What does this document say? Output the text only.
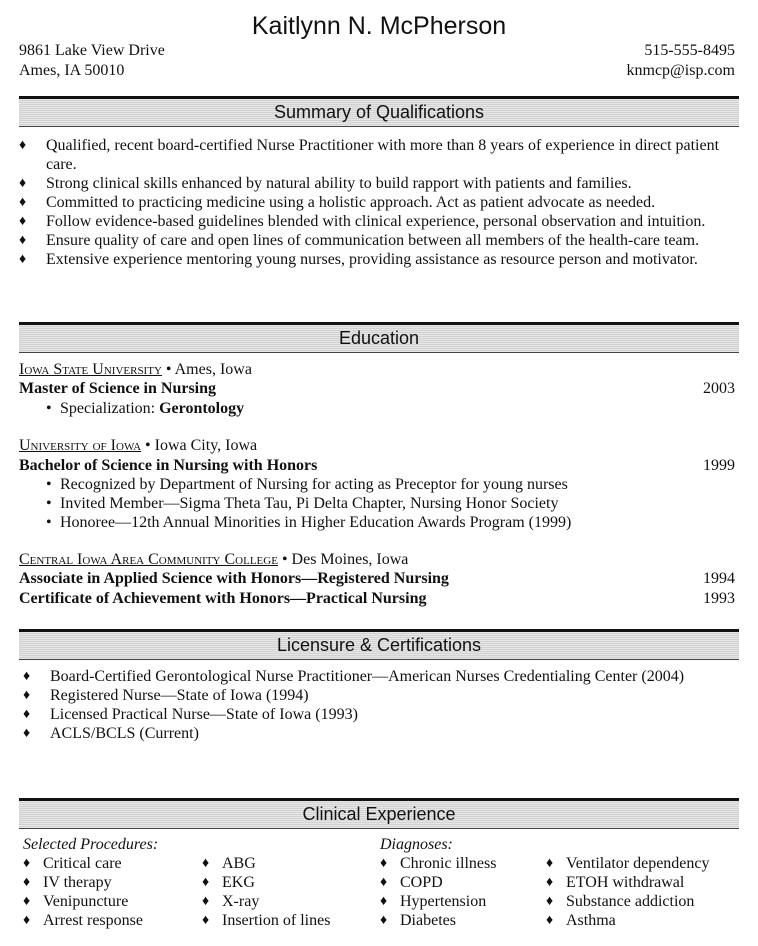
Kaitlynn N. McPherson
9861 Lake View Drive
Ames, IA 50010
515-555-8495
knmcp@isp.com
Summary of Qualifications
♦ Qualified, recent board-certified Nurse Practitioner with more than 8 years of experience in direct patient care.
♦ Strong clinical skills enhanced by natural ability to build rapport with patients and families.
♦ Committed to practicing medicine using a holistic approach. Act as patient advocate as needed.
♦ Follow evidence-based guidelines blended with clinical experience, personal observation and intuition.
♦ Ensure quality of care and open lines of communication between all members of the health-care team.
♦ Extensive experience mentoring young nurses, providing assistance as resource person and motivator.
Education
Iowa State University • Ames, Iowa
Master of Science in Nursing	2003
• Specialization: Gerontology
University of Iowa • Iowa City, Iowa
Bachelor of Science in Nursing with Honors	1999
• Recognized by Department of Nursing for acting as Preceptor for young nurses
• Invited Member—Sigma Theta Tau, Pi Delta Chapter, Nursing Honor Society
• Honoree—12th Annual Minorities in Higher Education Awards Program (1999)
Central Iowa Area Community College • Des Moines, Iowa
Associate in Applied Science with Honors—Registered Nursing	1994
Certificate of Achievement with Honors—Practical Nursing	1993
Licensure & Certifications
♦ Board-Certified Gerontological Nurse Practitioner—American Nurses Credentialing Center (2004)
♦ Registered Nurse—State of Iowa (1994)
♦ Licensed Practical Nurse—State of Iowa (1993)
♦ ACLS/BCLS (Current)
Clinical Experience
Selected Procedures:	Diagnoses:
♦ Critical care
♦ IV therapy
♦ Venipuncture
♦ Arrest response
♦ ABG
♦ EKG
♦ X-ray
♦ Insertion of lines
♦ Chronic illness
♦ COPD
♦ Hypertension
♦ Diabetes
♦ Ventilator dependency
♦ ETOH withdrawal
♦ Substance addiction
♦ Asthma
